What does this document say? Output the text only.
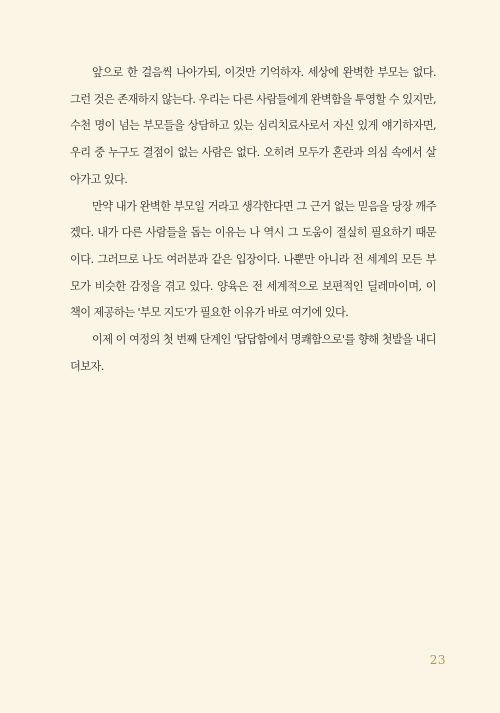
앞으로 한 걸음씩 나아가되, 이것만 기억하자. 세상에 완벽한 부모는 없다. 그런 것은 존재하지 않는다. 우리는 다른 사람들에게 완벽함을 투영할 수 있지만, 수천 명이 넘는 부모들을 상담하고 있는 심리치료사로서 자신 있게 얘기하자면, 우리 중 누구도 결점이 없는 사람은 없다. 오히려 모두가 혼란과 의심 속에서 살아가고 있다.

만약 내가 완벽한 부모일 거라고 생각한다면 그 근거 없는 믿음을 당장 깨주겠다. 내가 다른 사람들을 돕는 이유는 나 역시 그 도움이 절실히 필요하기 때문이다. 그러므로 나도 여러분과 같은 입장이다. 나뿐만 아니라 전 세계의 모든 부모가 비슷한 감정을 겪고 있다. 양육은 전 세계적으로 보편적인 딜레마이며, 이 책이 제공하는 '부모 지도'가 필요한 이유가 바로 여기에 있다.

이제 이 여정의 첫 번째 단계인 '답답함에서 명쾌함으로'를 향해 첫발을 내디뎌보자.

23
